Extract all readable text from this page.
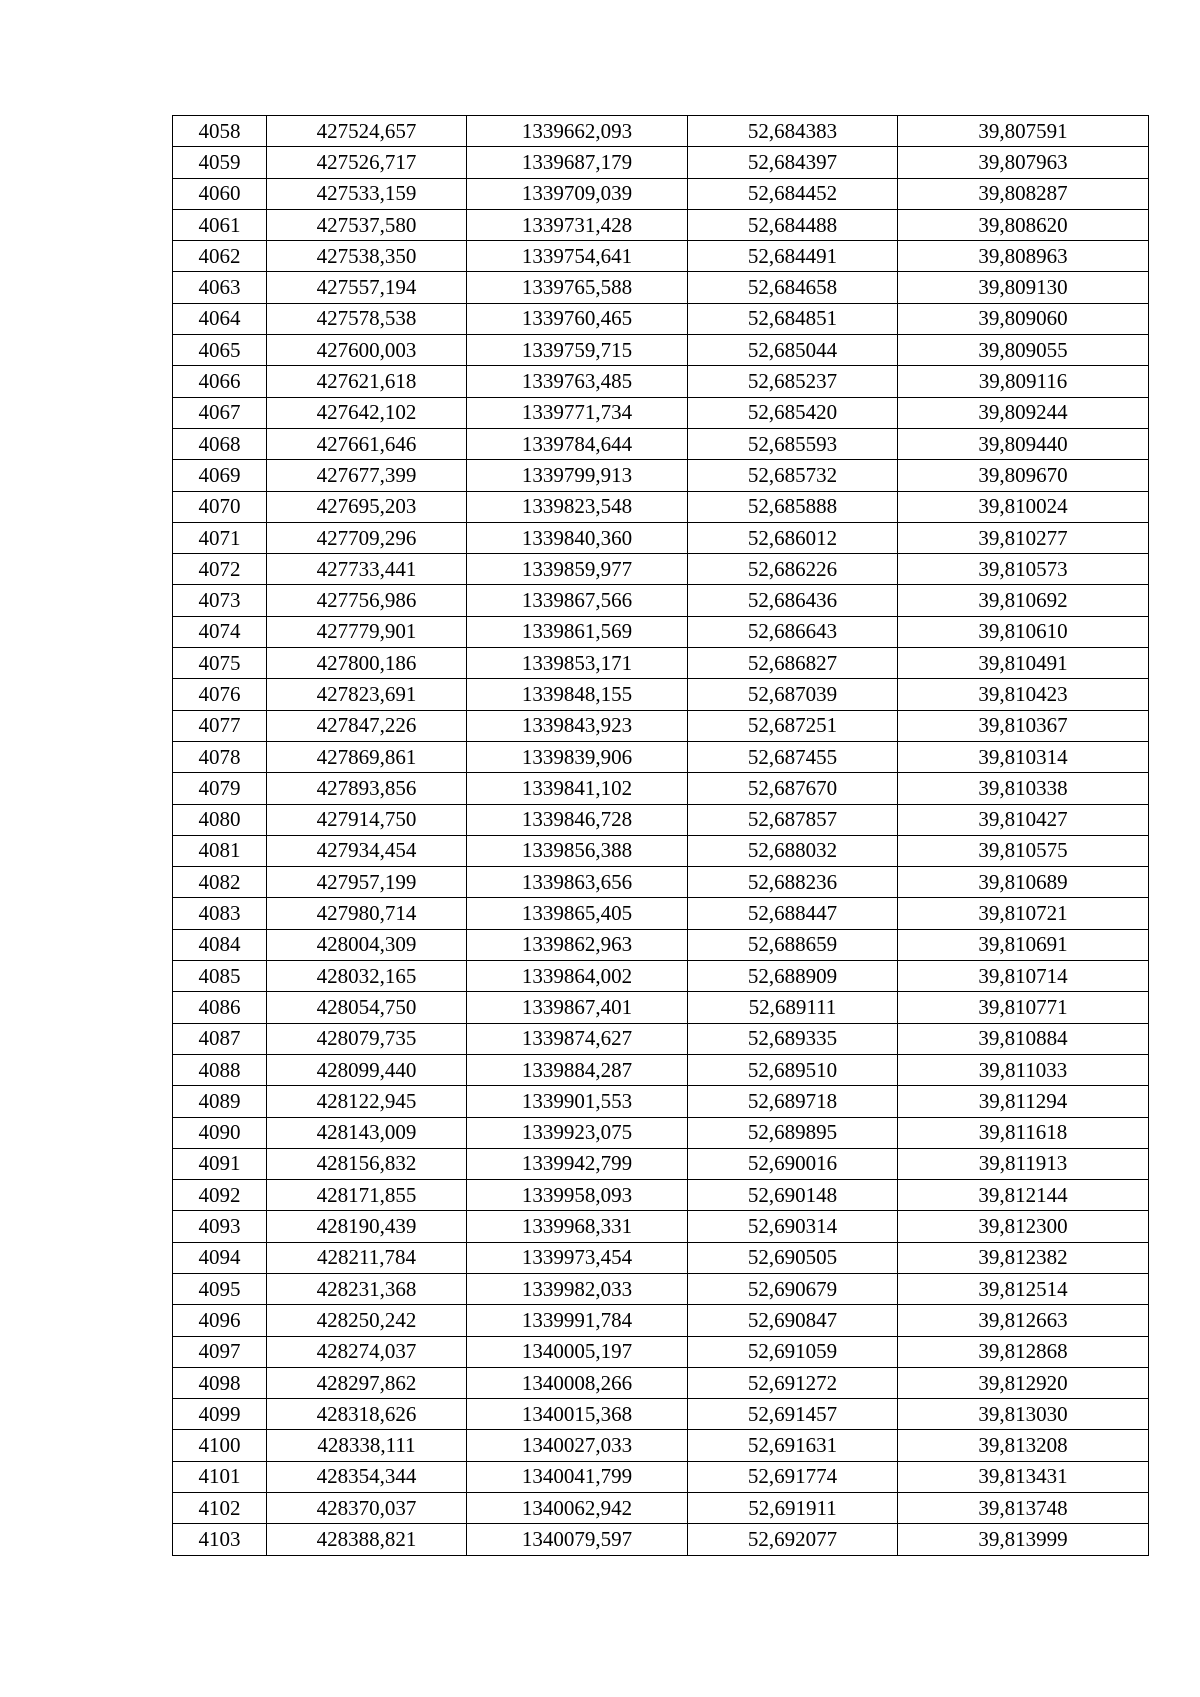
4058	427524,657	1339662,093	52,684383	39,807591
4059	427526,717	1339687,179	52,684397	39,807963
4060	427533,159	1339709,039	52,684452	39,808287
4061	427537,580	1339731,428	52,684488	39,808620
4062	427538,350	1339754,641	52,684491	39,808963
4063	427557,194	1339765,588	52,684658	39,809130
4064	427578,538	1339760,465	52,684851	39,809060
4065	427600,003	1339759,715	52,685044	39,809055
4066	427621,618	1339763,485	52,685237	39,809116
4067	427642,102	1339771,734	52,685420	39,809244
4068	427661,646	1339784,644	52,685593	39,809440
4069	427677,399	1339799,913	52,685732	39,809670
4070	427695,203	1339823,548	52,685888	39,810024
4071	427709,296	1339840,360	52,686012	39,810277
4072	427733,441	1339859,977	52,686226	39,810573
4073	427756,986	1339867,566	52,686436	39,810692
4074	427779,901	1339861,569	52,686643	39,810610
4075	427800,186	1339853,171	52,686827	39,810491
4076	427823,691	1339848,155	52,687039	39,810423
4077	427847,226	1339843,923	52,687251	39,810367
4078	427869,861	1339839,906	52,687455	39,810314
4079	427893,856	1339841,102	52,687670	39,810338
4080	427914,750	1339846,728	52,687857	39,810427
4081	427934,454	1339856,388	52,688032	39,810575
4082	427957,199	1339863,656	52,688236	39,810689
4083	427980,714	1339865,405	52,688447	39,810721
4084	428004,309	1339862,963	52,688659	39,810691
4085	428032,165	1339864,002	52,688909	39,810714
4086	428054,750	1339867,401	52,689111	39,810771
4087	428079,735	1339874,627	52,689335	39,810884
4088	428099,440	1339884,287	52,689510	39,811033
4089	428122,945	1339901,553	52,689718	39,811294
4090	428143,009	1339923,075	52,689895	39,811618
4091	428156,832	1339942,799	52,690016	39,811913
4092	428171,855	1339958,093	52,690148	39,812144
4093	428190,439	1339968,331	52,690314	39,812300
4094	428211,784	1339973,454	52,690505	39,812382
4095	428231,368	1339982,033	52,690679	39,812514
4096	428250,242	1339991,784	52,690847	39,812663
4097	428274,037	1340005,197	52,691059	39,812868
4098	428297,862	1340008,266	52,691272	39,812920
4099	428318,626	1340015,368	52,691457	39,813030
4100	428338,111	1340027,033	52,691631	39,813208
4101	428354,344	1340041,799	52,691774	39,813431
4102	428370,037	1340062,942	52,691911	39,813748
4103	428388,821	1340079,597	52,692077	39,813999
